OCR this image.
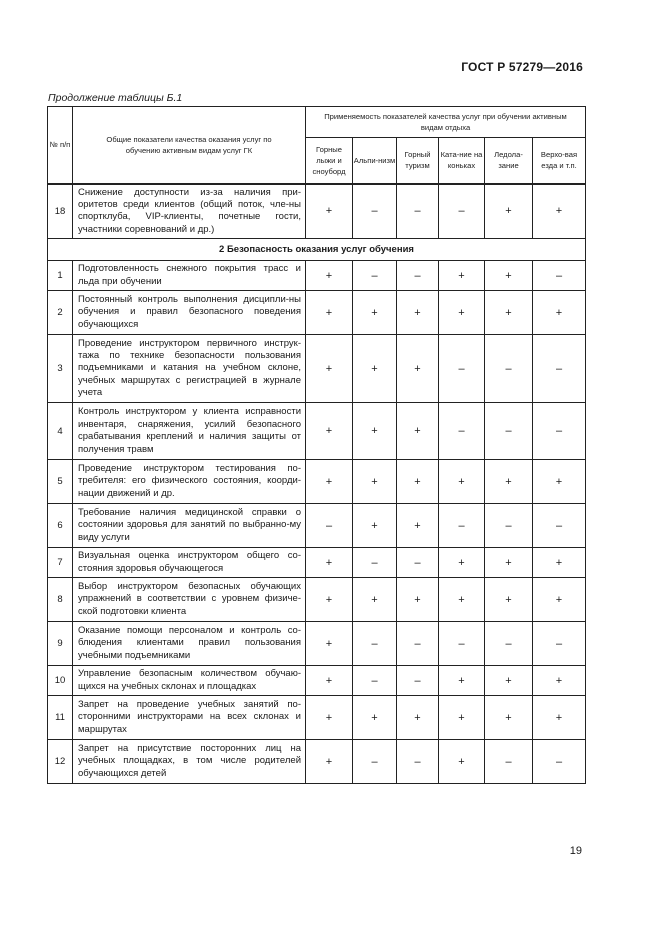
ГОСТ Р 57279—2016
Продолжение таблицы Б.1
№ п/п	Общие показатели качества оказания услуг по обучению активным видам услуг ГК	Применяемость показателей качества услуг при обучении активным видам отдыха					
		Горные лыжи и сноуборд	Альпи-низм	Горный туризм	Ката-ние на коньках	Ледола-зание	Верхо-вая езда и т.п.
18	Снижение доступности из-за наличия при-оритетов среди клиентов (общий поток, чле-ны спортклуба, VIP-клиенты, почетные гости, участники соревнований и др.)	+	–	–	–	+	+
2 Безопасность оказания услуг обучения							
1	Подготовленность снежного покрытия трасс и льда при обучении	+	–	–	+	+	–
2	Постоянный контроль выполнения дисципли-ны обучения и правил безопасного поведения обучающихся	+	+	+	+	+	+
3	Проведение инструктором первичного инструк-тажа по технике безопасности пользования подъемниками и катания на учебном склоне, учебных маршрутах с регистрацией в журнале учета	+	+	+	–	–	–
4	Контроль инструктором у клиента исправности инвентаря, снаряжения, усилий безопасного срабатывания креплений и наличия защиты от получения травм	+	+	+	–	–	–
5	Проведение инструктором тестирования по-требителя: его физического состояния, коорди-нации движений и др.	+	+	+	+	+	+
6	Требование наличия медицинской справки о состоянии здоровья для занятий по выбранно-му виду услуги	–	+	+	–	–	–
7	Визуальная оценка инструктором общего со-стояния здоровья обучающегося	+	–	–	+	+	+
8	Выбор инструктором безопасных обучающих упражнений в соответствии с уровнем физиче-ской подготовки клиента	+	+	+	+	+	+
9	Оказание помощи персоналом и контроль со-блюдения клиентами правил пользования учебными подъемниками	+	–	–	–	–	–
10	Управление безопасным количеством обучаю-щихся на учебных склонах и площадках	+	–	–	+	+	+
11	Запрет на проведение учебных занятий по-сторонними инструкторами на всех склонах и маршрутах	+	+	+	+	+	+
12	Запрет на присутствие посторонних лиц на учебных площадках, в том числе родителей обучающихся детей	+	–	–	+	–	–
19
